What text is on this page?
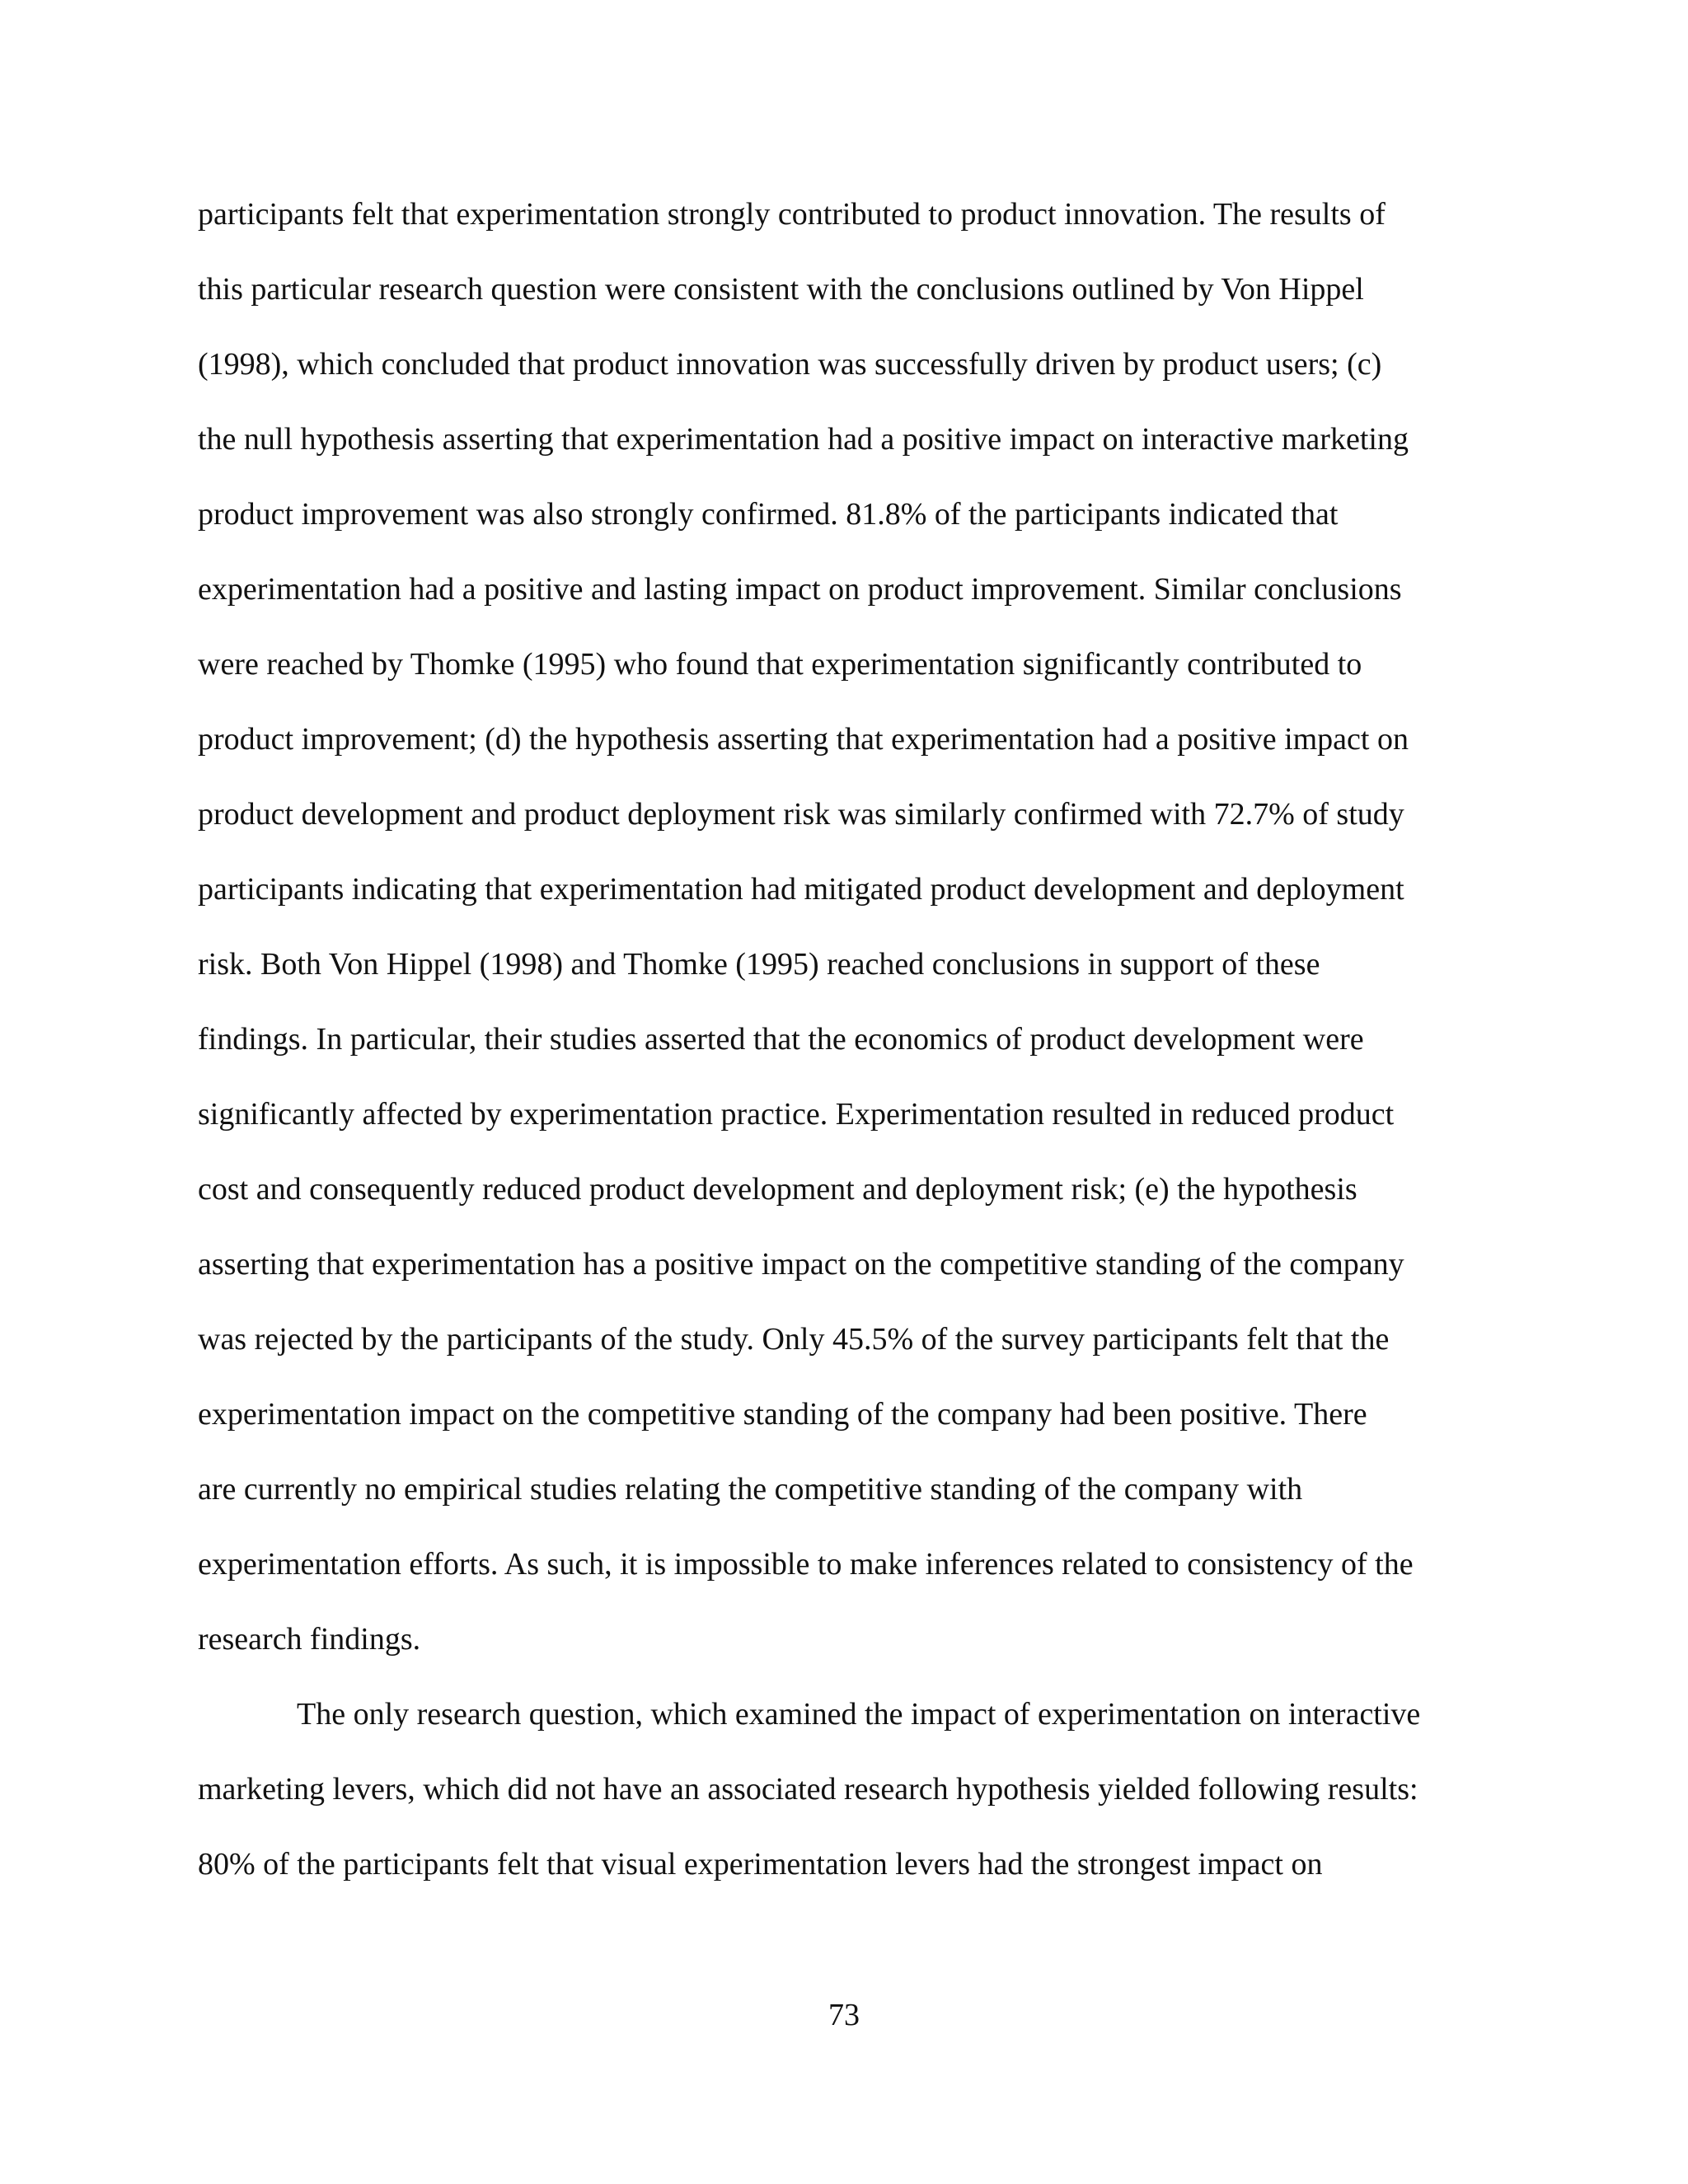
participants felt that experimentation strongly contributed to product innovation. The results of
this particular research question were consistent with the conclusions outlined by Von Hippel
(1998), which concluded that product innovation was successfully driven by product users; (c)
the null hypothesis asserting that experimentation had a positive impact on interactive marketing
product improvement was also strongly confirmed. 81.8% of the participants indicated that
experimentation had a positive and lasting impact on product improvement. Similar conclusions
were reached by Thomke (1995) who found that experimentation significantly contributed to
product improvement; (d) the hypothesis asserting that experimentation had a positive impact on
product development and product deployment risk was similarly confirmed with 72.7% of study
participants indicating that experimentation had mitigated product development and deployment
risk. Both Von Hippel (1998) and Thomke (1995) reached conclusions in support of these
findings. In particular, their studies asserted that the economics of product development were
significantly affected by experimentation practice. Experimentation resulted in reduced product
cost and consequently reduced product development and deployment risk; (e) the hypothesis
asserting that experimentation has a positive impact on the competitive standing of the company
was rejected by the participants of the study. Only 45.5% of the survey participants felt that the
experimentation impact on the competitive standing of the company had been positive. There
are currently no empirical studies relating the competitive standing of the company with
experimentation efforts. As such, it is impossible to make inferences related to consistency of the
research findings.
The only research question, which examined the impact of experimentation on interactive
marketing levers, which did not have an associated research hypothesis yielded following results:
80% of the participants felt that visual experimentation levers had the strongest impact on
73
